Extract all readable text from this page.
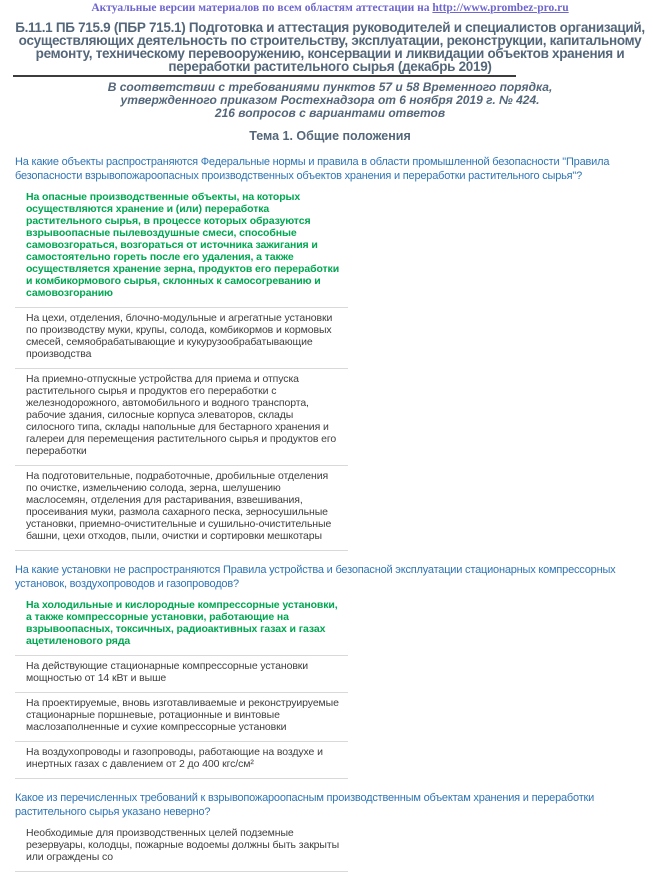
Актуальные версии материалов по всем областям аттестации на http://www.prombez-pro.ru
Б.11.1 ПБ 715.9 (ПБР 715.1) Подготовка и аттестация руководителей и специалистов организаций, осуществляющих деятельность по строительству, эксплуатации, реконструкции, капитальному ремонту, техническому перевооружению, консервации и ликвидации объектов хранения и переработки растительного сырья (декабрь 2019)
В соответствии с требованиями пунктов 57 и 58 Временного порядка,
утвержденного приказом Ростехнадзора от 6 ноября 2019 г. № 424.
216 вопросов с вариантами ответов
Тема 1. Общие положения
На какие объекты распространяются Федеральные нормы и правила в области промышленной безопасности "Правила безопасности взрывопожароопасных производственных объектов хранения и переработки растительного сырья"?
На опасные производственные объекты, на которых осуществляются хранение и (или) переработка растительного сырья, в процессе которых образуются взрывоопасные пылевоздушные смеси, способные самовозгораться, возгораться от источника зажигания и самостоятельно гореть после его удаления, а также осуществляется хранение зерна, продуктов его переработки и комбикормового сырья, склонных к самосогреванию и самовозгоранию
На цехи, отделения, блочно-модульные и агрегатные установки по производству муки, крупы, солода, комбикормов и кормовых смесей, семяобрабатывающие и кукурузообрабатывающие производства
На приемно-отпускные устройства для приема и отпуска растительного сырья и продуктов его переработки с железнодорожного, автомобильного и водного транспорта, рабочие здания, силосные корпуса элеваторов, склады силосного типа, склады напольные для бестарного хранения и галереи для перемещения растительного сырья и продуктов его переработки
На подготовительные, подработочные, дробильные отделения по очистке, измельчению солода, зерна, шелушению маслосемян, отделения для растаривания, взвешивания, просеивания муки, размола сахарного песка, зерносушильные установки, приемно-очистительные и сушильно-очистительные башни, цехи отходов, пыли, очистки и сортировки мешкотары
На какие установки не распространяются Правила устройства и безопасной эксплуатации стационарных компрессорных установок, воздухопроводов и газопроводов?
На холодильные и кислородные компрессорные установки, а также компрессорные установки, работающие на взрывоопасных, токсичных, радиоактивных газах и газах ацетиленового ряда
На действующие стационарные компрессорные установки мощностью от 14 кВт и выше
На проектируемые, вновь изготавливаемые и реконструируемые стационарные поршневые, ротационные и винтовые маслозаполненные и сухие компрессорные установки
На воздухопроводы и газопроводы, работающие на воздухе и инертных газах с давлением от 2 до 400 кгс/см²
Какое из перечисленных требований к взрывопожароопасным производственным объектам хранения и переработки растительного сырья указано неверно?
Необходимые для производственных целей подземные резервуары, колодцы, пожарные водоемы должны быть закрыты или ограждены со
